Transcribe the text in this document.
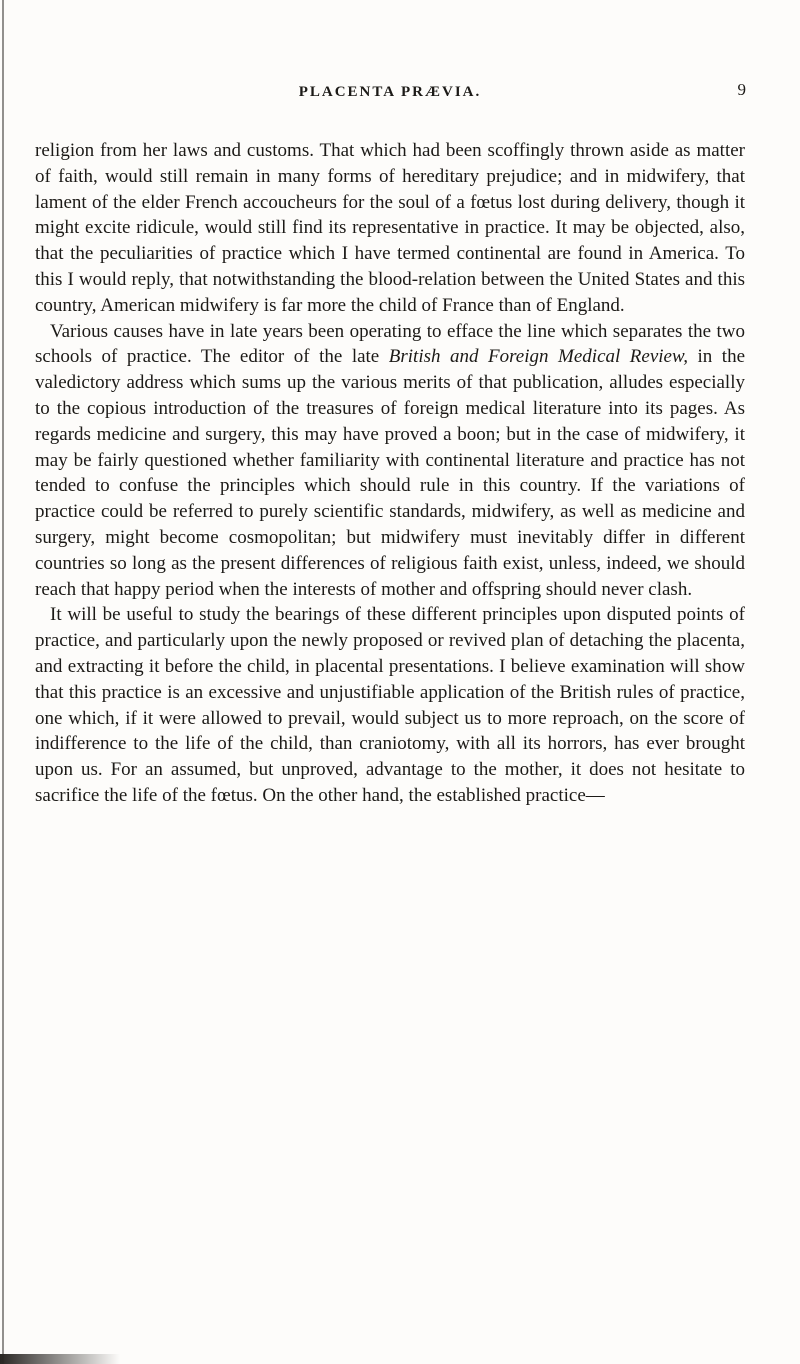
PLACENTA PRÆVIA.	9

religion from her laws and customs. That which had been scoffingly thrown aside as matter of faith, would still remain in many forms of hereditary prejudice; and in midwifery, that lament of the elder French accoucheurs for the soul of a fœtus lost during delivery, though it might excite ridicule, would still find its representative in practice. It may be objected, also, that the peculiarities of practice which I have termed continental are found in America. To this I would reply, that notwithstanding the blood-relation between the United States and this country, American midwifery is far more the child of France than of England.

Various causes have in late years been operating to efface the line which separates the two schools of practice. The editor of the late British and Foreign Medical Review, in the valedictory address which sums up the various merits of that publication, alludes especially to the copious introduction of the treasures of foreign medical literature into its pages. As regards medicine and surgery, this may have proved a boon; but in the case of midwifery, it may be fairly questioned whether familiarity with continental literature and practice has not tended to confuse the principles which should rule in this country. If the variations of practice could be referred to purely scientific standards, midwifery, as well as medicine and surgery, might become cosmopolitan; but midwifery must inevitably differ in different countries so long as the present differences of religious faith exist, unless, indeed, we should reach that happy period when the interests of mother and offspring should never clash.

It will be useful to study the bearings of these different principles upon disputed points of practice, and particularly upon the newly proposed or revived plan of detaching the placenta, and extracting it before the child, in placental presentations. I believe examination will show that this practice is an excessive and unjustifiable application of the British rules of practice, one which, if it were allowed to prevail, would subject us to more reproach, on the score of indifference to the life of the child, than craniotomy, with all its horrors, has ever brought upon us. For an assumed, but unproved, advantage to the mother, it does not hesitate to sacrifice the life of the fœtus. On the other hand, the established practice—
